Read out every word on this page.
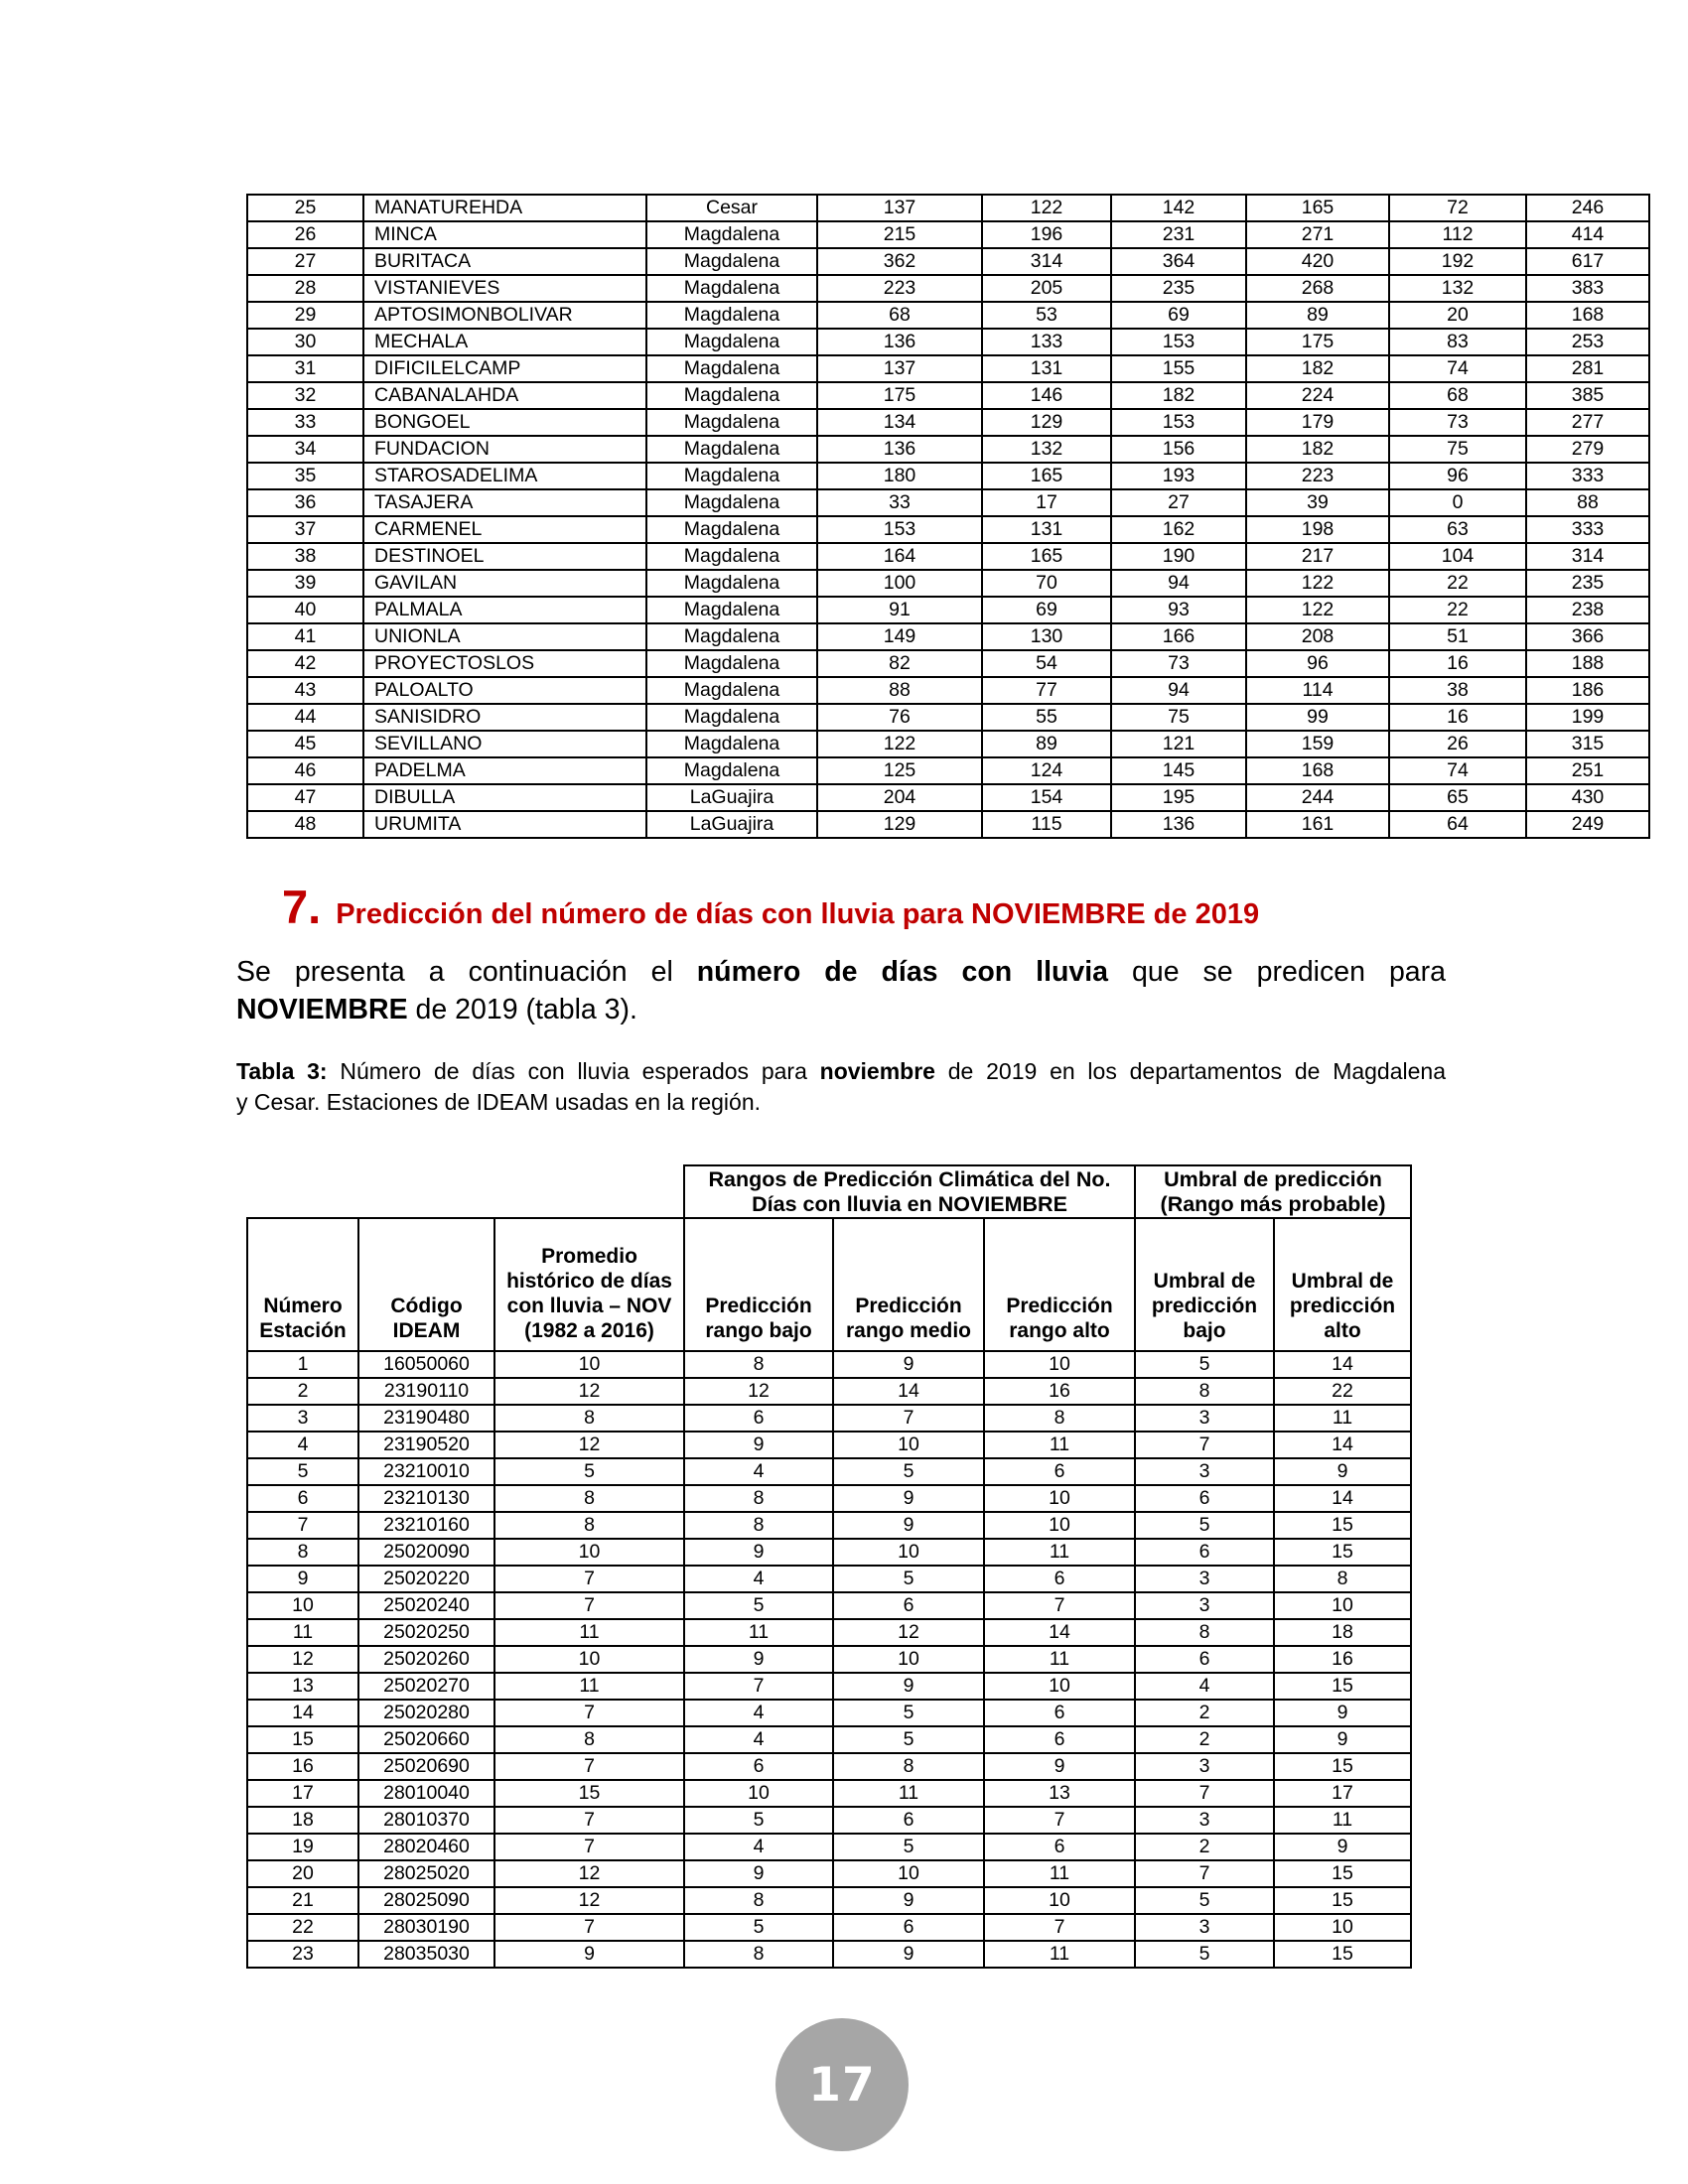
25	MANATUREHDA	Cesar	137	122	142	165	72	246
26	MINCA	Magdalena	215	196	231	271	112	414
27	BURITACA	Magdalena	362	314	364	420	192	617
28	VISTANIEVES	Magdalena	223	205	235	268	132	383
29	APTOSIMONBOLIVAR	Magdalena	68	53	69	89	20	168
30	MECHALA	Magdalena	136	133	153	175	83	253
31	DIFICILELCAMP	Magdalena	137	131	155	182	74	281
32	CABANALAHDA	Magdalena	175	146	182	224	68	385
33	BONGOEL	Magdalena	134	129	153	179	73	277
34	FUNDACION	Magdalena	136	132	156	182	75	279
35	STAROSADELIMA	Magdalena	180	165	193	223	96	333
36	TASAJERA	Magdalena	33	17	27	39	0	88
37	CARMENEL	Magdalena	153	131	162	198	63	333
38	DESTINOEL	Magdalena	164	165	190	217	104	314
39	GAVILAN	Magdalena	100	70	94	122	22	235
40	PALMALA	Magdalena	91	69	93	122	22	238
41	UNIONLA	Magdalena	149	130	166	208	51	366
42	PROYECTOSLOS	Magdalena	82	54	73	96	16	188
43	PALOALTO	Magdalena	88	77	94	114	38	186
44	SANISIDRO	Magdalena	76	55	75	99	16	199
45	SEVILLANO	Magdalena	122	89	121	159	26	315
46	PADELMA	Magdalena	125	124	145	168	74	251
47	DIBULLA	LaGuajira	204	154	195	244	65	430
48	URUMITA	LaGuajira	129	115	136	161	64	249
7. Predicción del número de días con lluvia para NOVIEMBRE de 2019
Se presenta a continuación el número de días con lluvia que se predicen para
NOVIEMBRE de 2019 (tabla 3).
Tabla 3: Número de días con lluvia esperados para noviembre de 2019 en los departamentos de Magdalena
y Cesar. Estaciones de IDEAM usadas en la región.
			Rangos de Predicción Climática del No.
Días con lluvia en NOVIEMBRE			Umbral de predicción
(Rango más probable)	
Número Estación	Código IDEAM	Promedio histórico de días con lluvia – NOV (1982 a 2016)	Predicción rango bajo	Predicción rango medio	Predicción rango alto	Umbral de predicción bajo	Umbral de predicción alto
1	16050060	10	8	9	10	5	14
2	23190110	12	12	14	16	8	22
3	23190480	8	6	7	8	3	11
4	23190520	12	9	10	11	7	14
5	23210010	5	4	5	6	3	9
6	23210130	8	8	9	10	6	14
7	23210160	8	8	9	10	5	15
8	25020090	10	9	10	11	6	15
9	25020220	7	4	5	6	3	8
10	25020240	7	5	6	7	3	10
11	25020250	11	11	12	14	8	18
12	25020260	10	9	10	11	6	16
13	25020270	11	7	9	10	4	15
14	25020280	7	4	5	6	2	9
15	25020660	8	4	5	6	2	9
16	25020690	7	6	8	9	3	15
17	28010040	15	10	11	13	7	17
18	28010370	7	5	6	7	3	11
19	28020460	7	4	5	6	2	9
20	28025020	12	9	10	11	7	15
21	28025090	12	8	9	10	5	15
22	28030190	7	5	6	7	3	10
23	28035030	9	8	9	11	5	15
17
